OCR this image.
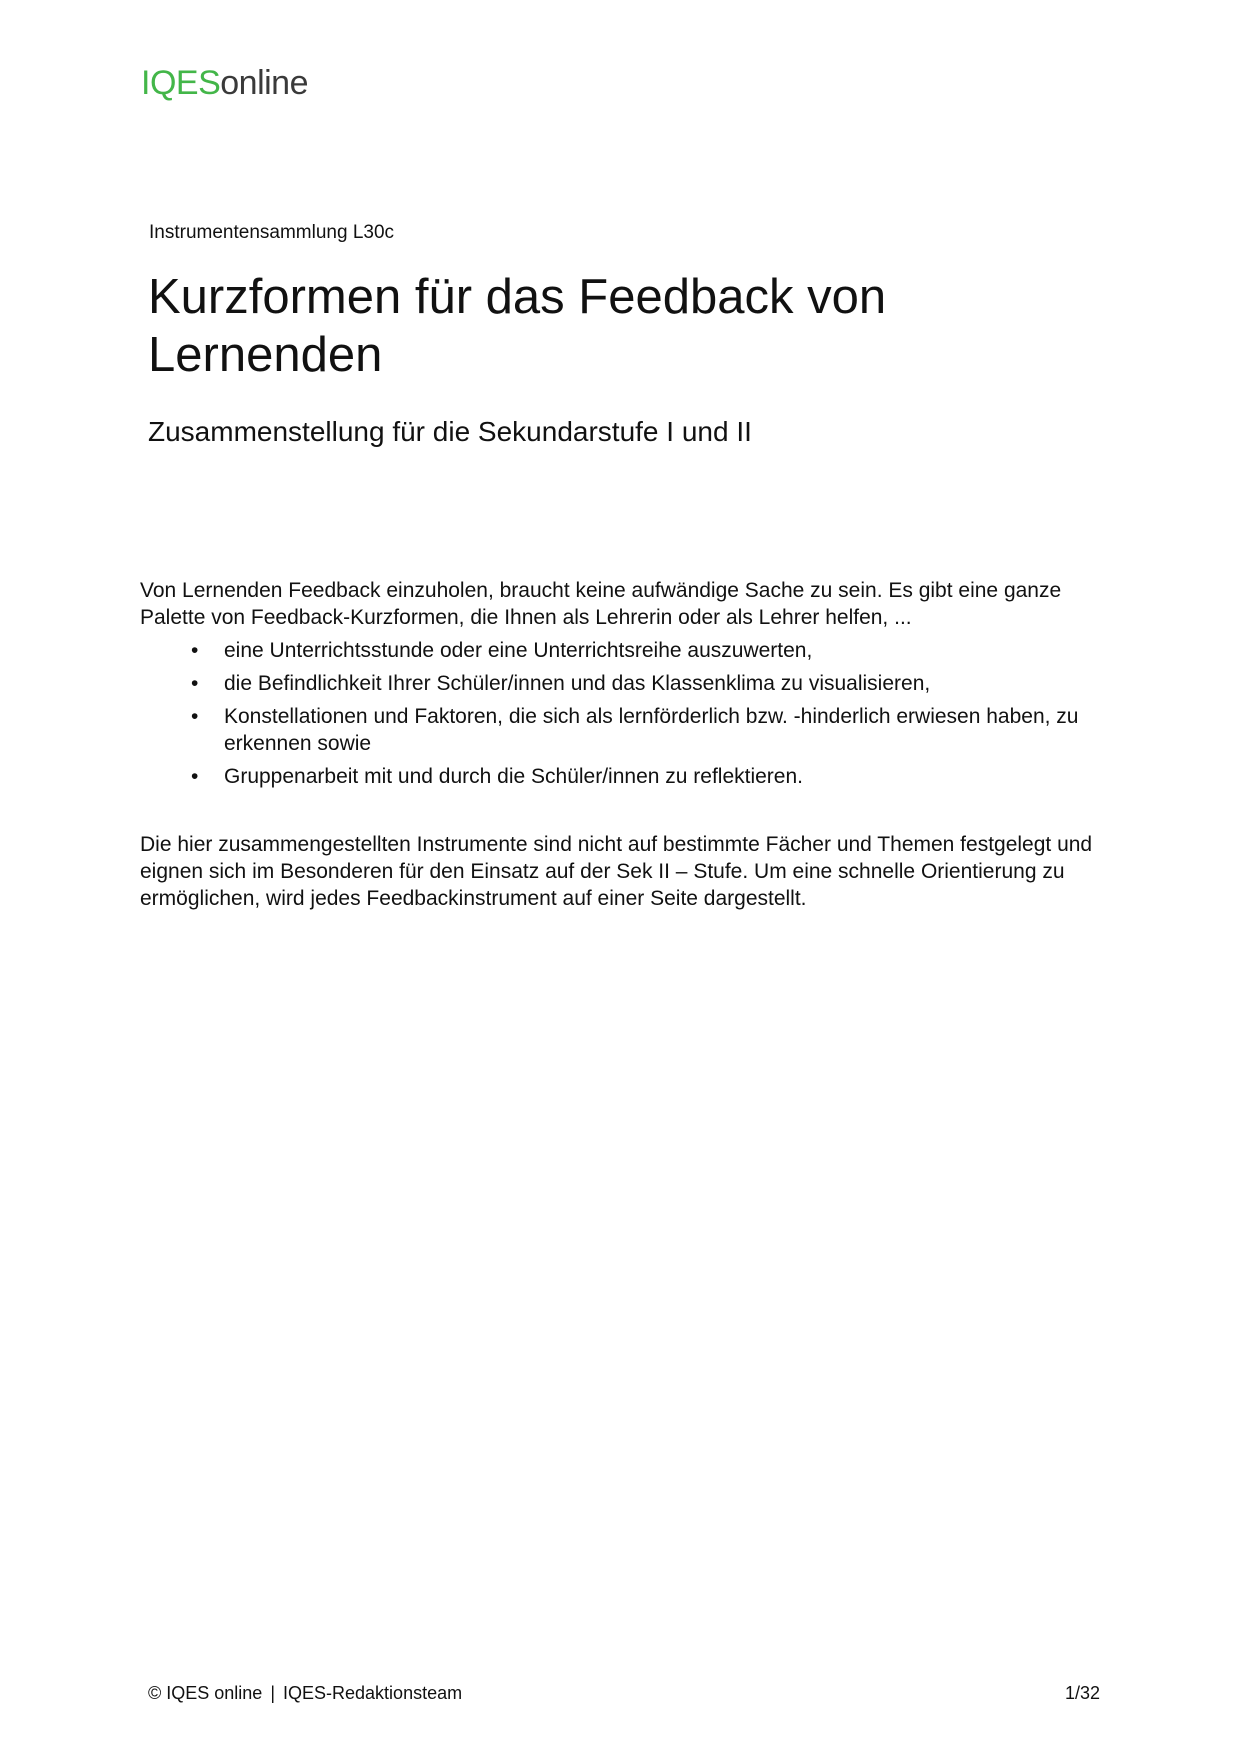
IQESonline
Instrumentensammlung L30c
Kurzformen für das Feedback von Lernenden
Zusammenstellung für die Sekundarstufe I und II

Von Lernenden Feedback einzuholen, braucht keine aufwändige Sache zu sein. Es gibt eine ganze Palette von Feedback-Kurzformen, die Ihnen als Lehrerin oder als Lehrer helfen, ...

• eine Unterrichtsstunde oder eine Unterrichtsreihe auszuwerten,
• die Befindlichkeit Ihrer Schüler/innen und das Klassenklima zu visualisieren,
• Konstellationen und Faktoren, die sich als lernförderlich bzw. -hinderlich erwiesen haben, zu erkennen sowie
• Gruppenarbeit mit und durch die Schüler/innen zu reflektieren.

Die hier zusammengestellten Instrumente sind nicht auf bestimmte Fächer und Themen festgelegt und eignen sich im Besonderen für den Einsatz auf der Sek II – Stufe. Um eine schnelle Orientierung zu ermöglichen, wird jedes Feedbackinstrument auf einer Seite dargestellt.

© IQES online | IQES-Redaktionsteam	1/32
